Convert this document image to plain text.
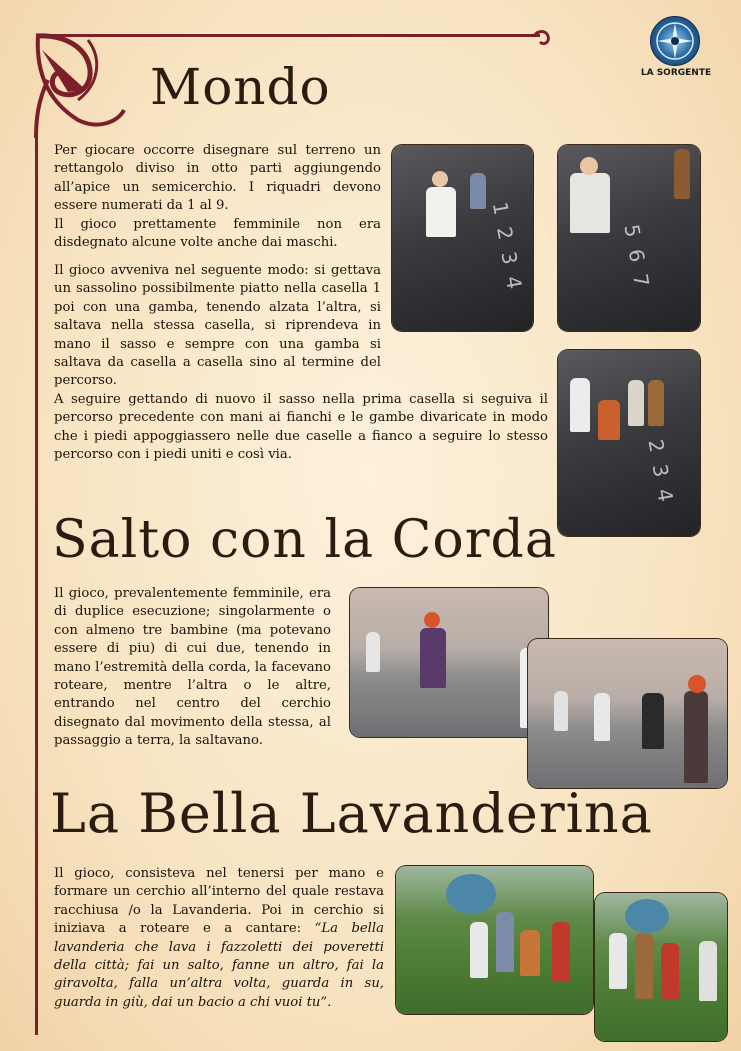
LA SORGENTE
Mondo

Per giocare occorre disegnare sul terreno un rettangolo diviso in otto parti aggiungendo all’apice un semicerchio. I riquadri devono essere numerati da 1 al 9.

Il gioco prettamente femminile non era disdegnato alcune volte anche dai maschi.

Il gioco avveniva nel seguente modo: si gettava un sassolino possibilmente piatto nella casella 1 poi con una gamba, tenendo alzata l’altra, si saltava nella stessa casella, si riprendeva in mano il sasso e sempre con una gamba si saltava da casella a casella sino al termine del percorso.

A seguire gettando di nuovo il sasso nella prima casella si seguiva il percorso precedente con mani ai fianchi e le gambe divaricate in modo che i piedi appoggiassero nelle due caselle a fianco a seguire lo stesso percorso con i piedi uniti e così via.

1 2 3 4	5 6 7
2 3 4
Salto con la Corda

Il gioco, prevalentemente femminile, era di duplice esecuzione; singolarmente o con almeno tre bambine (ma potevano essere di piu) di cui due, tenendo in mano l’estremità della corda, la facevano roteare, mentre l’altra o le altre, entrando nel centro del cerchio disegnato dal movimento della stessa, al passaggio a terra, la saltavano.

La Bella Lavanderina

Il gioco, consisteva nel tenersi per mano e formare un cerchio all’interno del quale restava racchiusa /o la Lavanderia. Poi in cerchio si iniziava a roteare e a cantare: “La bella lavanderia che lava i fazzoletti dei poveretti della città; fai un salto, fanne un altro, fai la giravolta, falla un’altra volta, guarda in su, guarda in giù, dai un bacio a chi vuoi tu”.
